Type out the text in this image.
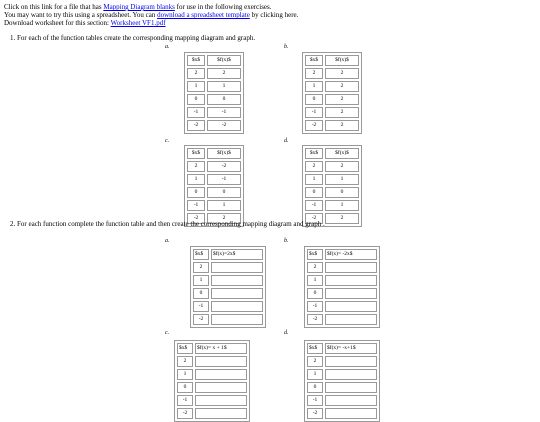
Click on this link for a file that has Mapping Diagram blanks for use in the following exercises.
You may want to try this using a spreadsheet. You can download a spreadsheet template by clicking here.
Download worksheet for this section: Worksheet VF1.pdf
1. For each of the function tables create the corresponding mapping diagram and graph.
a.	b.
c.	d.
$x$	$f(x)$
2	2
1	1
0	0
-1	-1
-2	-2
$x$	$f(x)$
2	2
1	2
0	2
-1	2
-2	2
$x$	$f(x)$
2	-2
1	-1
0	0
-1	1
-2	2
$x$	$f(x)$
2	2
1	1
0	0
-1	1
-2	2
2. For each function complete the function table and then create the corresponding mapping diagram and graph .
a.	b.
c.	d.
$x$	$f(x)=2x$
2	
1	
0	
-1	
-2	
$x$	$f(x)= -2x$
2	
1	
0	
-1	
-2	
$x$	$f(x)= x + 1$
2	
1	
0	
-1	
-2	
$x$	$f(x)= -x+1$
2	
1	
0	
-1	
-2	
